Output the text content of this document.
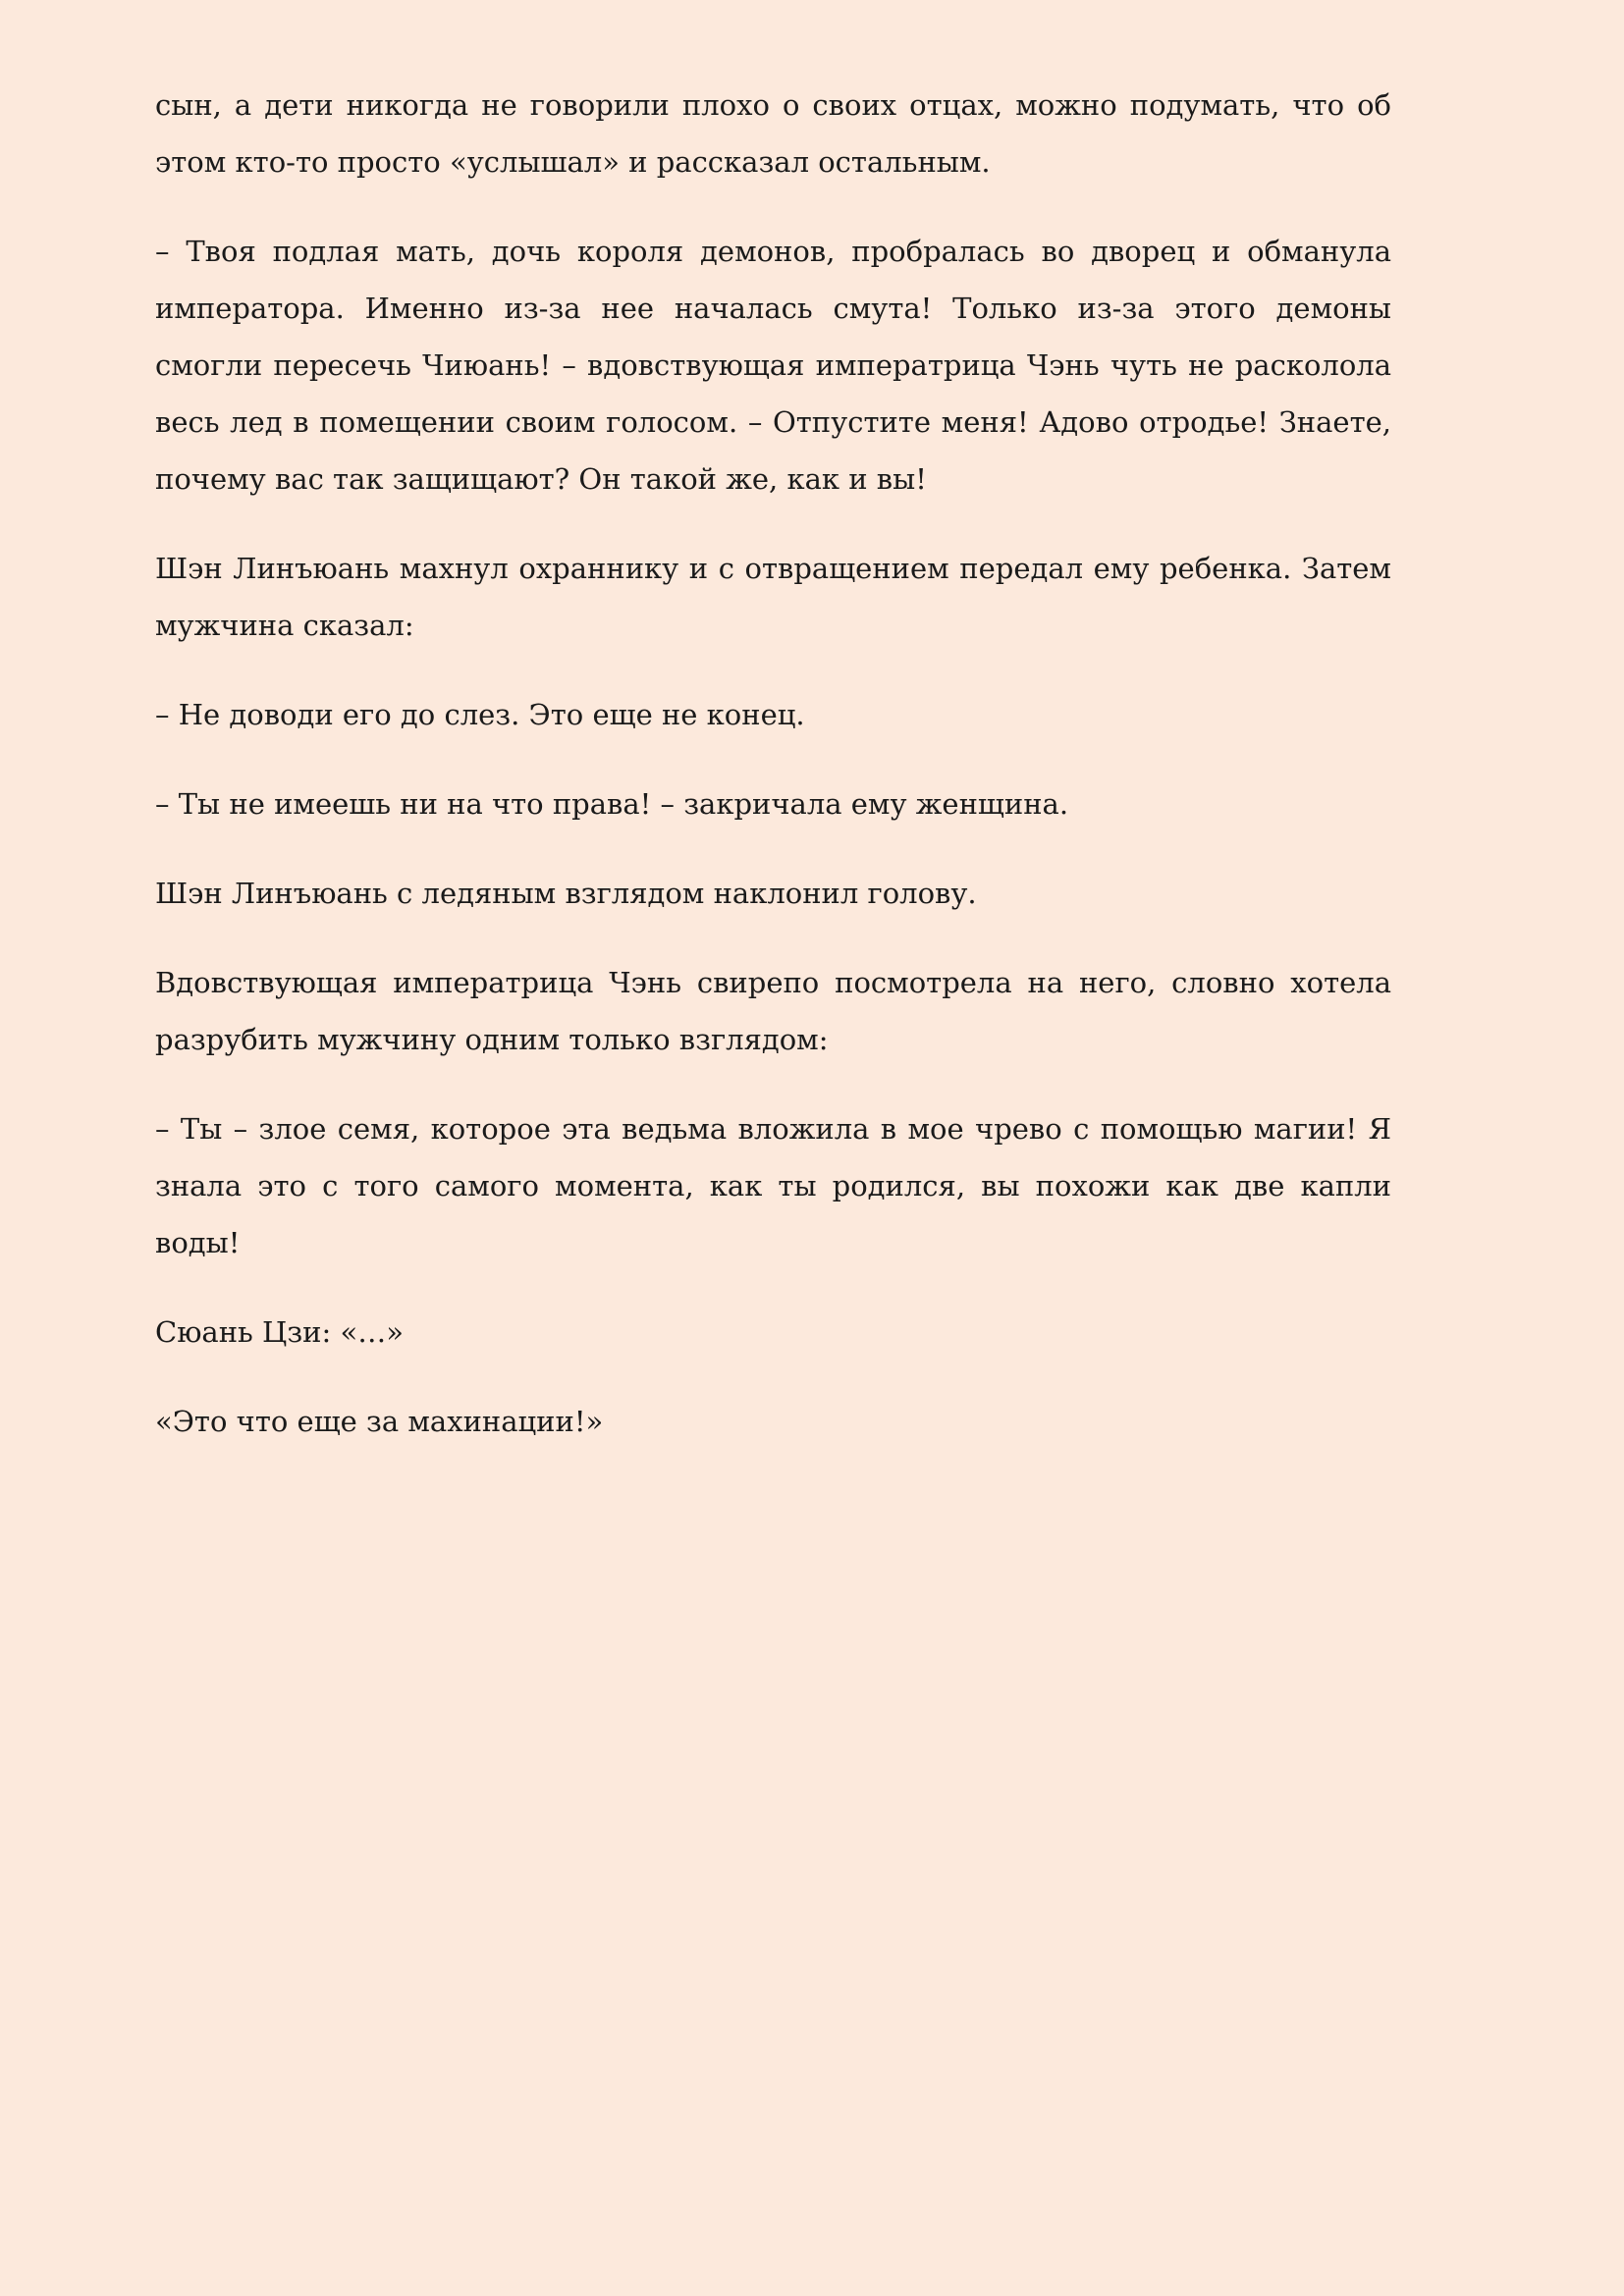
сын, а дети никогда не говорили плохо о своих отцах, можно подумать, что об этом кто-то просто «услышал» и рассказал остальным.

– Твоя подлая мать, дочь короля демонов, пробралась во дворец и обманула императора. Именно из-за нее началась смута! Только из-за этого демоны смогли пересечь Чиюань! – вдовствующая императрица Чэнь чуть не расколола весь лед в помещении своим голосом. – Отпустите меня! Адово отродье! Знаете, почему вас так защищают? Он такой же, как и вы!

Шэн Линъюань махнул охраннику и с отвращением передал ему ребенка. Затем мужчина сказал:

– Не доводи его до слез. Это еще не конец.

– Ты не имеешь ни на что права! – закричала ему женщина.

Шэн Линъюань с ледяным взглядом наклонил голову.

Вдовствующая императрица Чэнь свирепо посмотрела на него, словно хотела разрубить мужчину одним только взглядом:

– Ты – злое семя, которое эта ведьма вложила в мое чрево с помощью магии! Я знала это с того самого момента, как ты родился, вы похожи как две капли воды!

Сюань Цзи: «…»

«Это что еще за махинации!»
